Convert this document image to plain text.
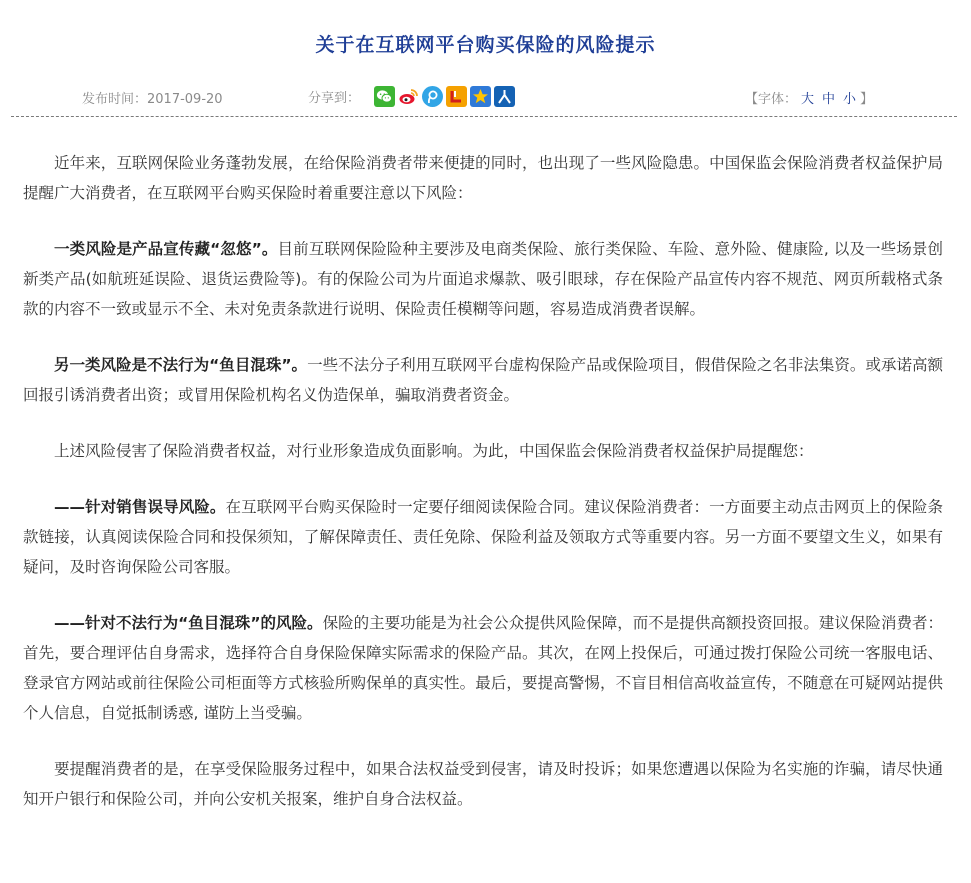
关于在互联网平台购买保险的风险提示
发布时间：2017-09-20	分享到：	【字体： 大 中 小 】

近年来，互联网保险业务蓬勃发展，在给保险消费者带来便捷的同时，也出现了一些风险隐患。中国保监会保险消费者权益保护局提醒广大消费者，在互联网平台购买保险时着重要注意以下风险：

一类风险是产品宣传藏“忽悠”。目前互联网保险险种主要涉及电商类保险、旅行类保险、车险、意外险、健康险, 以及一些场景创新类产品(如航班延误险、退货运费险等)。有的保险公司为片面追求爆款、吸引眼球，存在保险产品宣传内容不规范、网页所载格式条款的内容不一致或显示不全、未对免责条款进行说明、保险责任模糊等问题，容易造成消费者误解。

另一类风险是不法行为“鱼目混珠”。一些不法分子利用互联网平台虚构保险产品或保险项目，假借保险之名非法集资。或承诺高额回报引诱消费者出资；或冒用保险机构名义伪造保单，骗取消费者资金。

上述风险侵害了保险消费者权益，对行业形象造成负面影响。为此，中国保监会保险消费者权益保护局提醒您：

——针对销售误导风险。在互联网平台购买保险时一定要仔细阅读保险合同。建议保险消费者：一方面要主动点击网页上的保险条款链接，认真阅读保险合同和投保须知，了解保障责任、责任免除、保险利益及领取方式等重要内容。另一方面不要望文生义，如果有疑问，及时咨询保险公司客服。

——针对不法行为“鱼目混珠”的风险。保险的主要功能是为社会公众提供风险保障，而不是提供高额投资回报。建议保险消费者：首先，要合理评估自身需求，选择符合自身保险保障实际需求的保险产品。其次，在网上投保后，可通过拨打保险公司统一客服电话、登录官方网站或前往保险公司柜面等方式核验所购保单的真实性。最后，要提高警惕，不盲目相信高收益宣传，不随意在可疑网站提供个人信息，自觉抵制诱惑, 谨防上当受骗。

要提醒消费者的是，在享受保险服务过程中，如果合法权益受到侵害，请及时投诉；如果您遭遇以保险为名实施的诈骗，请尽快通知开户银行和保险公司，并向公安机关报案，维护自身合法权益。
